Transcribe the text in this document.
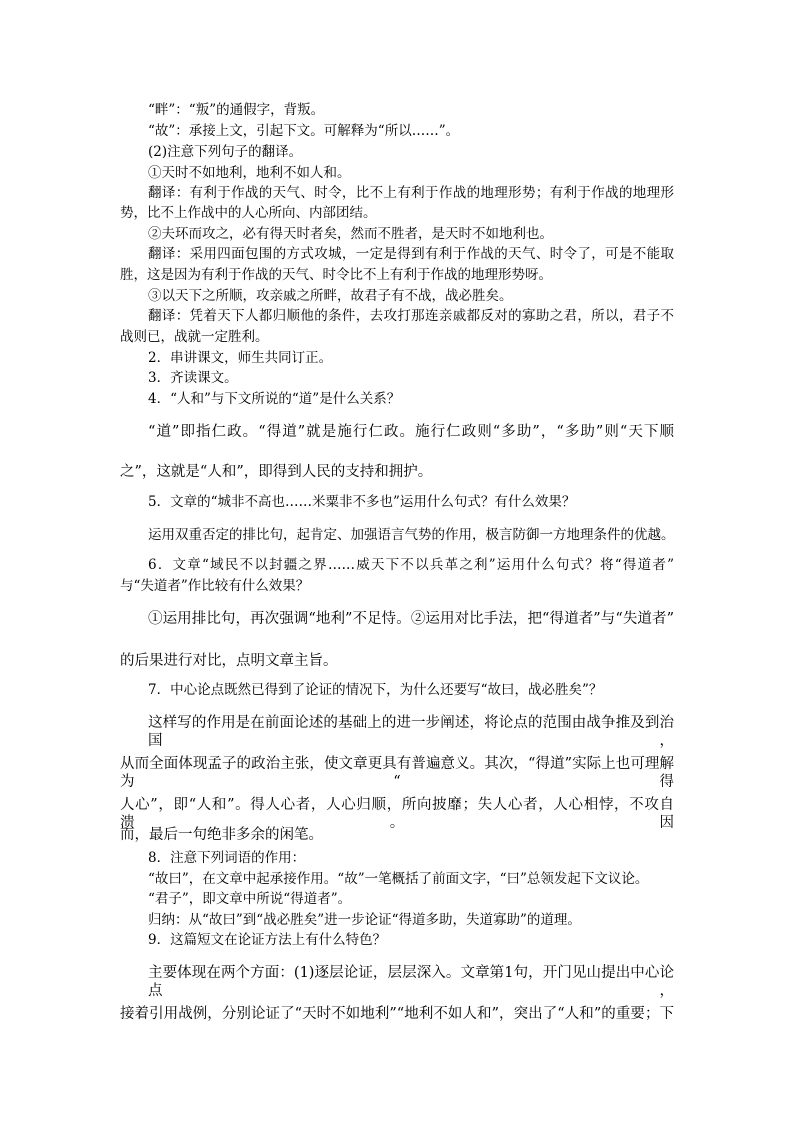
“畔”：“叛”的通假字，背叛。
“故”：承接上文，引起下文。可解释为“所以……”。
(2)注意下列句子的翻译。
①天时不如地利，地利不如人和。
翻译：有利于作战的天气、时令，比不上有利于作战的地理形势；有利于作战的地理形
势，比不上作战中的人心所向、内部团结。
②夫环而攻之，必有得天时者矣，然而不胜者，是天时不如地利也。
翻译：采用四面包围的方式攻城，一定是得到有利于作战的天气、时令了，可是不能取
胜，这是因为有利于作战的天气、时令比不上有利于作战的地理形势呀。
③以天下之所顺，攻亲戚之所畔，故君子有不战，战必胜矣。
翻译：凭着天下人都归顺他的条件，去攻打那连亲戚都反对的寡助之君，所以，君子不
战则已，战就一定胜利。
2．串讲课文，师生共同订正。
3．齐读课文。
4．“人和”与下文所说的“道”是什么关系？
“道”即指仁政。“得道”就是施行仁政。施行仁政则“多助”，“多助”则“天下顺
之”，这就是“人和”，即得到人民的支持和拥护。
5．文章的“城非不高也……米粟非不多也”运用什么句式？有什么效果？
运用双重否定的排比句，起肯定、加强语言气势的作用，极言防御一方地理条件的优越。
6．文章“域民不以封疆之界……威天下不以兵革之利”运用什么句式？将“得道者”
与“失道者”作比较有什么效果？
①运用排比句，再次强调“地利”不足恃。②运用对比手法，把“得道者”与“失道者”
的后果进行对比，点明文章主旨。
7．中心论点既然已得到了论证的情况下，为什么还要写“故曰，战必胜矣”？
这样写的作用是在前面论述的基础上的进一步阐述，将论点的范围由战争推及到治国，
从而全面体现孟子的政治主张，使文章更具有普遍意义。其次，“得道”实际上也可理解为“得
人心”，即“人和”。得人心者，人心归顺，所向披靡；失人心者，人心相悖，不攻自溃。因
而，最后一句绝非多余的闲笔。
8．注意下列词语的作用：
“故曰”，在文章中起承接作用。“故”一笔概括了前面文字，“曰”总领发起下文议论。
“君子”，即文章中所说“得道者”。
归纳：从“故曰”到“战必胜矣”进一步论证“得道多助，失道寡助”的道理。
9．这篇短文在论证方法上有什么特色？
主要体现在两个方面：(1)逐层论证，层层深入。文章第1句，开门见山提出中心论点，
接着引用战例，分别论证了“天时不如地利”“地利不如人和”，突出了“人和”的重要；下
